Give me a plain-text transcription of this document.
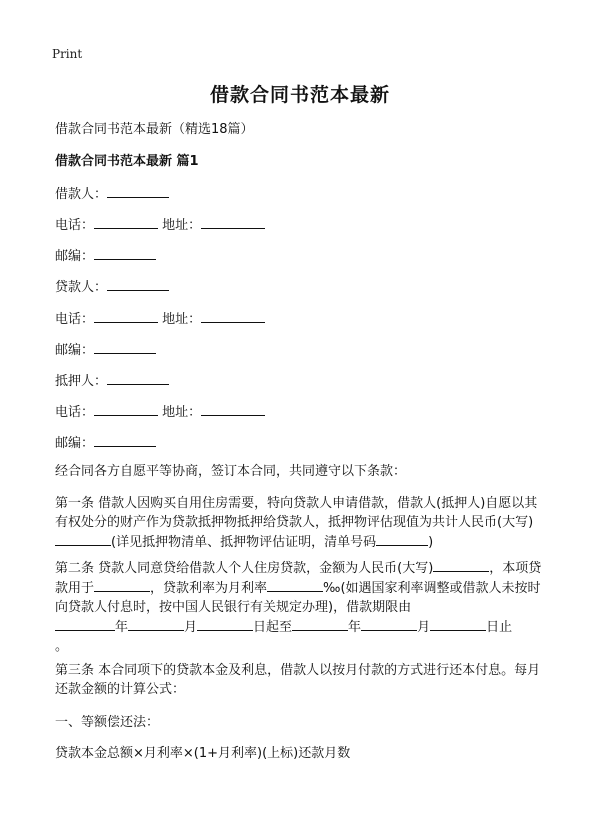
Print
借款合同书范本最新
借款合同书范本最新（精选18篇）
借款合同书范本最新 篇1
借款人：
电话：	地址：
邮编：
贷款人：
电话：	地址：
邮编：
抵押人：
电话：	地址：
邮编：
经合同各方自愿平等协商，签订本合同，共同遵守以下条款：
第一条 借款人因购买自用住房需要，特向贷款人申请借款，借款人(抵押人)自愿以其有权处分的财产作为贷款抵押物抵押给贷款人，抵押物评估现值为共计人民币(大写)(详见抵押物清单、抵押物评估证明，清单号码	)
第二条 贷款人同意贷给借款人个人住房贷款，金额为人民币(大写)	，本项贷款用于	，贷款利率为月利率	‰(如遇国家利率调整或借款人未按时向贷款人付息时，按中国人民银行有关规定办理)，借款期限由
年	月	日起至	年	月	日止
。
第三条 本合同项下的贷款本金及利息，借款人以按月付款的方式进行还本付息。每月还款金额的计算公式：
一、等额偿还法：
贷款本金总额×月利率×(1+月利率)(上标)还款月数
